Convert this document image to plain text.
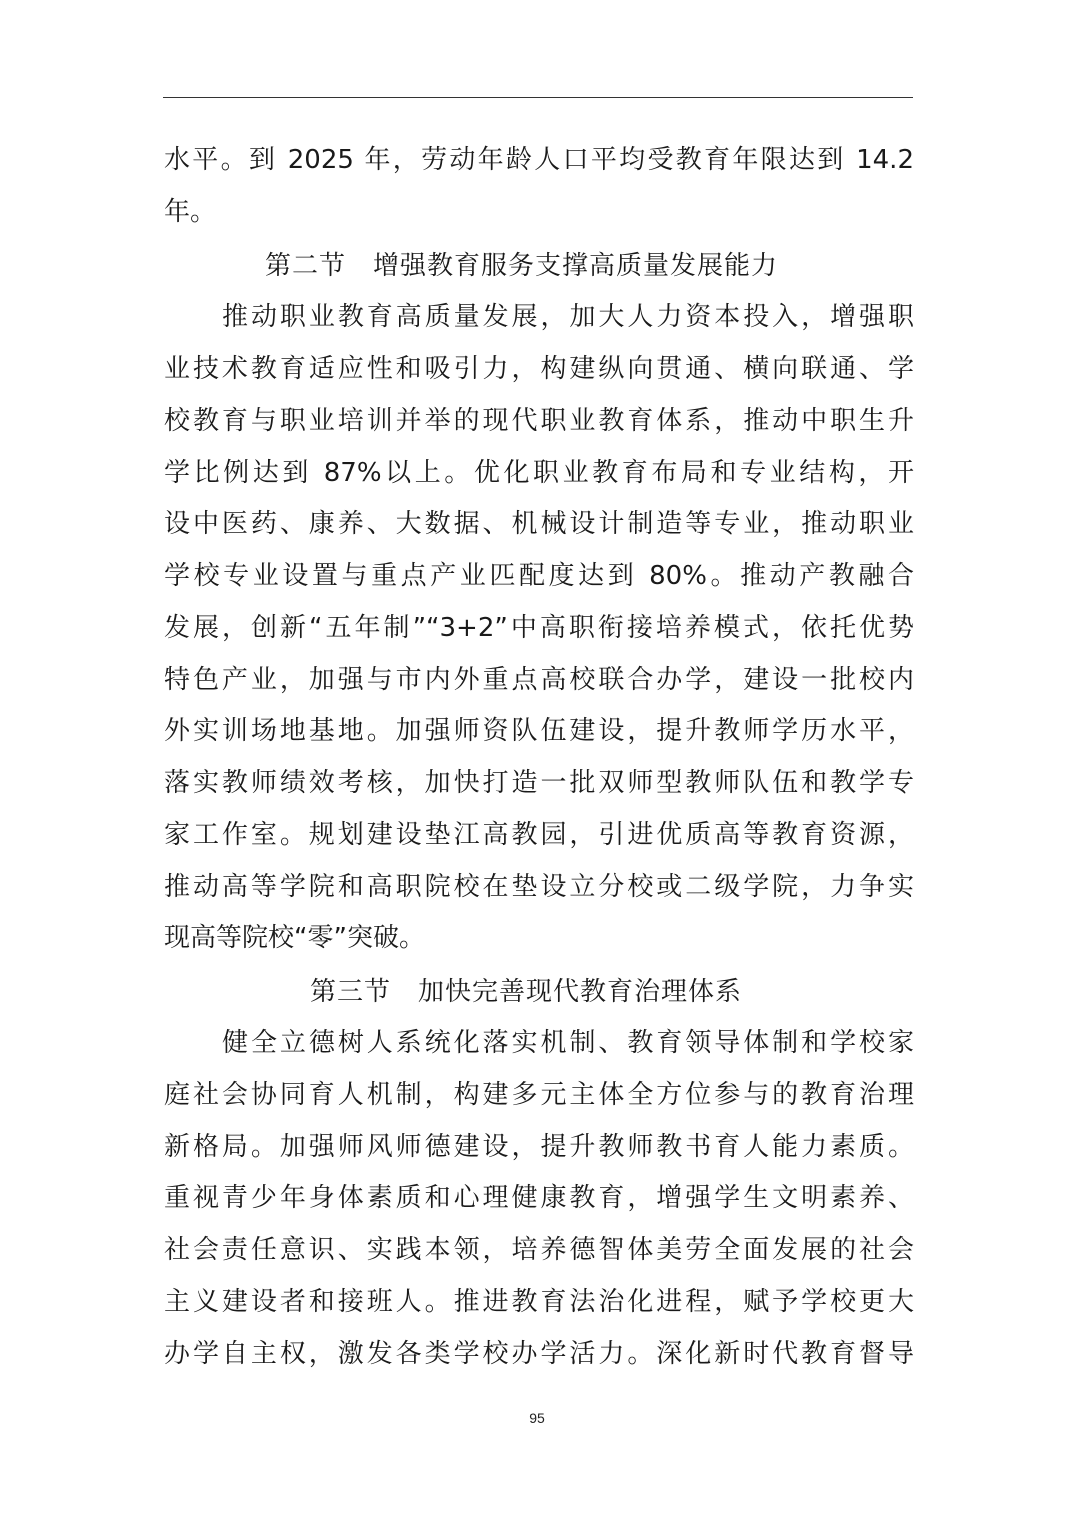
水平。到 2025 年，劳动年龄人口平均受教育年限达到 14.2
年。
第二节　增强教育服务支撑高质量发展能力
推动职业教育高质量发展，加大人力资本投入，增强职
业技术教育适应性和吸引力，构建纵向贯通、横向联通、学
校教育与职业培训并举的现代职业教育体系，推动中职生升
学比例达到 87%以上。优化职业教育布局和专业结构，开
设中医药、康养、大数据、机械设计制造等专业，推动职业
学校专业设置与重点产业匹配度达到 80%。推动产教融合
发展，创新“五年制”“3+2”中高职衔接培养模式，依托优势
特色产业，加强与市内外重点高校联合办学，建设一批校内
外实训场地基地。加强师资队伍建设，提升教师学历水平，
落实教师绩效考核，加快打造一批双师型教师队伍和教学专
家工作室。规划建设垫江高教园，引进优质高等教育资源，
推动高等学院和高职院校在垫设立分校或二级学院，力争实
现高等院校“零”突破。
第三节　加快完善现代教育治理体系
健全立德树人系统化落实机制、教育领导体制和学校家
庭社会协同育人机制，构建多元主体全方位参与的教育治理
新格局。加强师风师德建设，提升教师教书育人能力素质。
重视青少年身体素质和心理健康教育，增强学生文明素养、
社会责任意识、实践本领，培养德智体美劳全面发展的社会
主义建设者和接班人。推进教育法治化进程，赋予学校更大
办学自主权，激发各类学校办学活力。深化新时代教育督导
95
